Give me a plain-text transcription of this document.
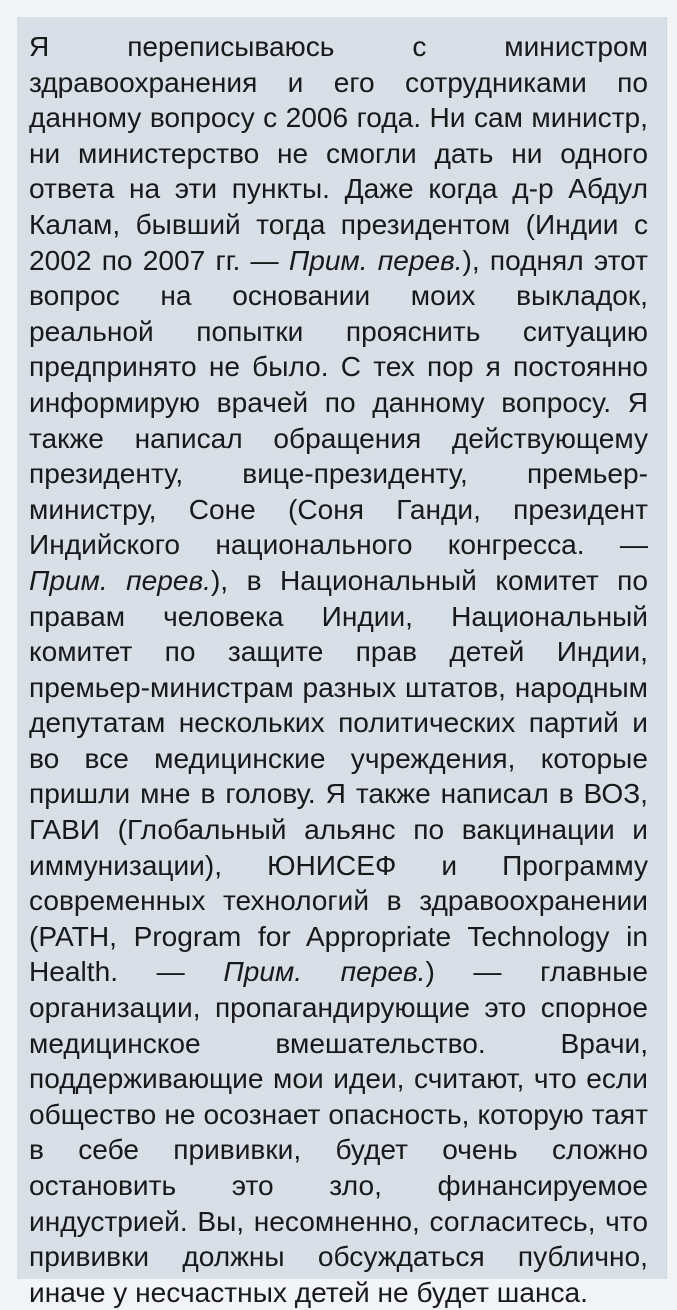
Я переписываюсь с министром здравоохранения и его сотрудниками по данному вопросу с 2006 года. Ни сам министр, ни министерство не смогли дать ни одного ответа на эти пункты. Даже когда д-р Абдул Калам, бывший тогда президентом (Индии с 2002 по 2007 гг. — Прим. перев.), поднял этот вопрос на основании моих выкладок, реальной попытки прояснить ситуацию предпринято не было. С тех пор я постоянно информирую врачей по данному вопросу. Я также написал обращения действующему президенту, вице-президенту, премьер-министру, Соне (Соня Ганди, президент Индийского национального конгресса. — Прим. перев.), в Национальный комитет по правам человека Индии, Национальный комитет по защите прав детей Индии, премьер-министрам разных штатов, народным депутатам нескольких политических партий и во все медицинские учреждения, которые пришли мне в голову. Я также написал в ВОЗ, ГАВИ (Глобальный альянс по вакцинации и иммунизации), ЮНИСЕФ и Программу современных технологий в здравоохранении (PATH, Program for Appropriate Technology in Health. — Прим. перев.) — главные организации, пропагандирующие это спорное медицинское вмешательство. Врачи, поддерживающие мои идеи, считают, что если общество не осознает опасность, которую таят в себе прививки, будет очень сложно остановить это зло, финансируемое индустрией. Вы, несомненно, согласитесь, что прививки должны обсуждаться публично, иначе у несчастных детей не будет шанса.
